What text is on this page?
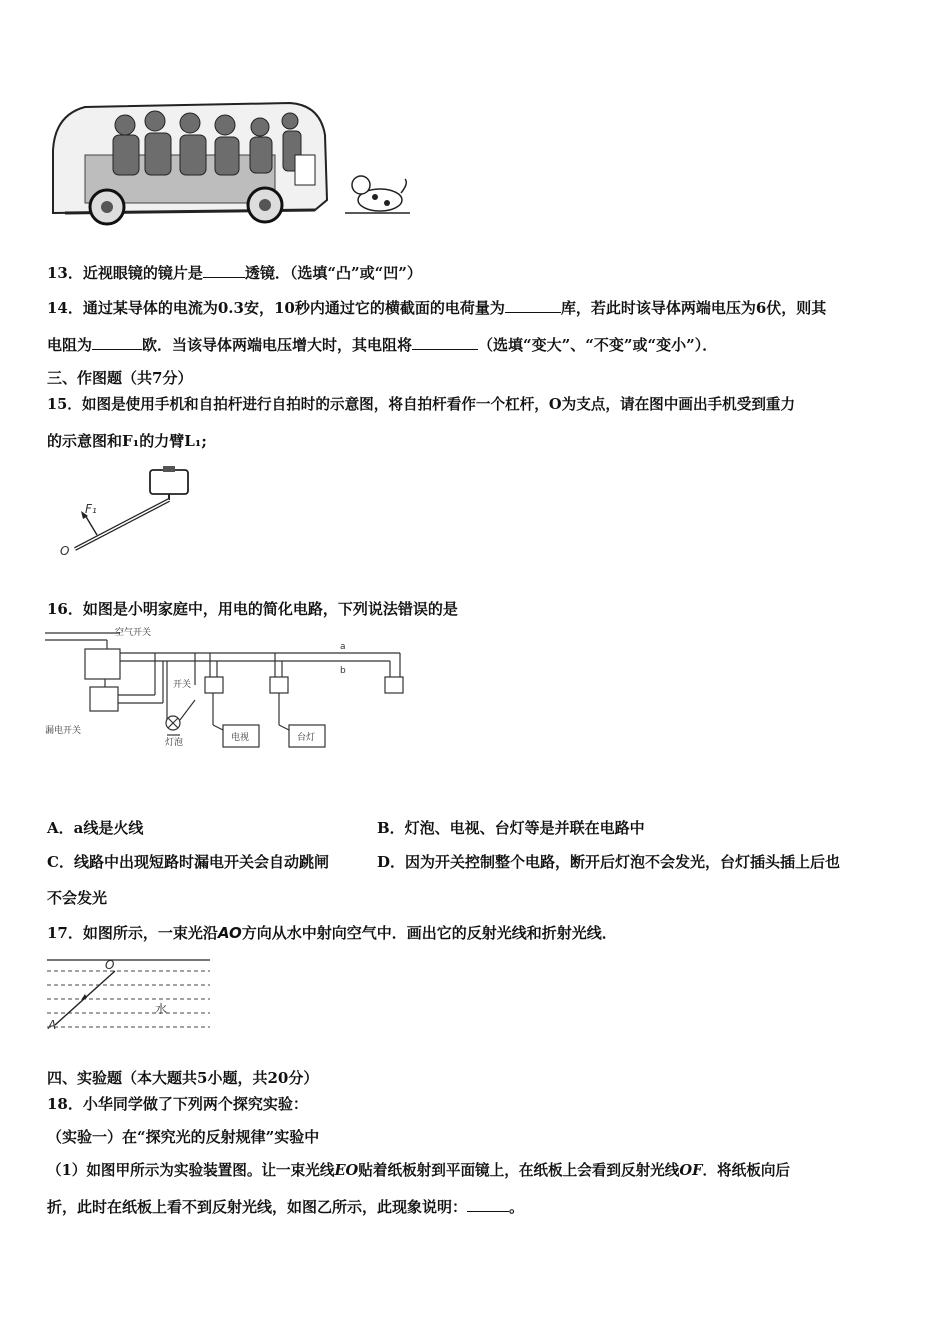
13．近视眼镜的镜片是	透镜．（选填“凸”或“凹”）
14．通过某导体的电流为0.3安，10秒内通过它的横截面的电荷量为	库，若此时该导体两端电压为6伏，则其
电阻为	欧．当该导体两端电压增大时，其电阻将	（选填“变大”、“不变”或“变小”）．
三、作图题（共7分）
15．如图是使用手机和自拍杆进行自拍时的示意图，将自拍杆看作一个杠杆，O为支点，请在图中画出手机受到重力
的示意图和F₁的力臂L₁;
F₁
O
16．如图是小明家庭中，用电的简化电路，下列说法错误的是
空气开关
漏电开关
开关
灯泡	电视	台灯
a
b
A．a线是火线	B．灯泡、电视、台灯等是并联在电路中
C．线路中出现短路时漏电开关会自动跳闸	D．因为开关控制整个电路，断开后灯泡不会发光，台灯插头插上后也
不会发光
17．如图所示，一束光沿AO方向从水中射向空气中．画出它的反射光线和折射光线．
O
A
水
四、实验题（本大题共5小题，共20分）
18．小华同学做了下列两个探究实验：
（实验一）在“探究光的反射规律”实验中
（1）如图甲所示为实验装置图。让一束光线EO贴着纸板射到平面镜上，在纸板上会看到反射光线OF．将纸板向后
折，此时在纸板上看不到反射光线，如图乙所示，此现象说明：	。
